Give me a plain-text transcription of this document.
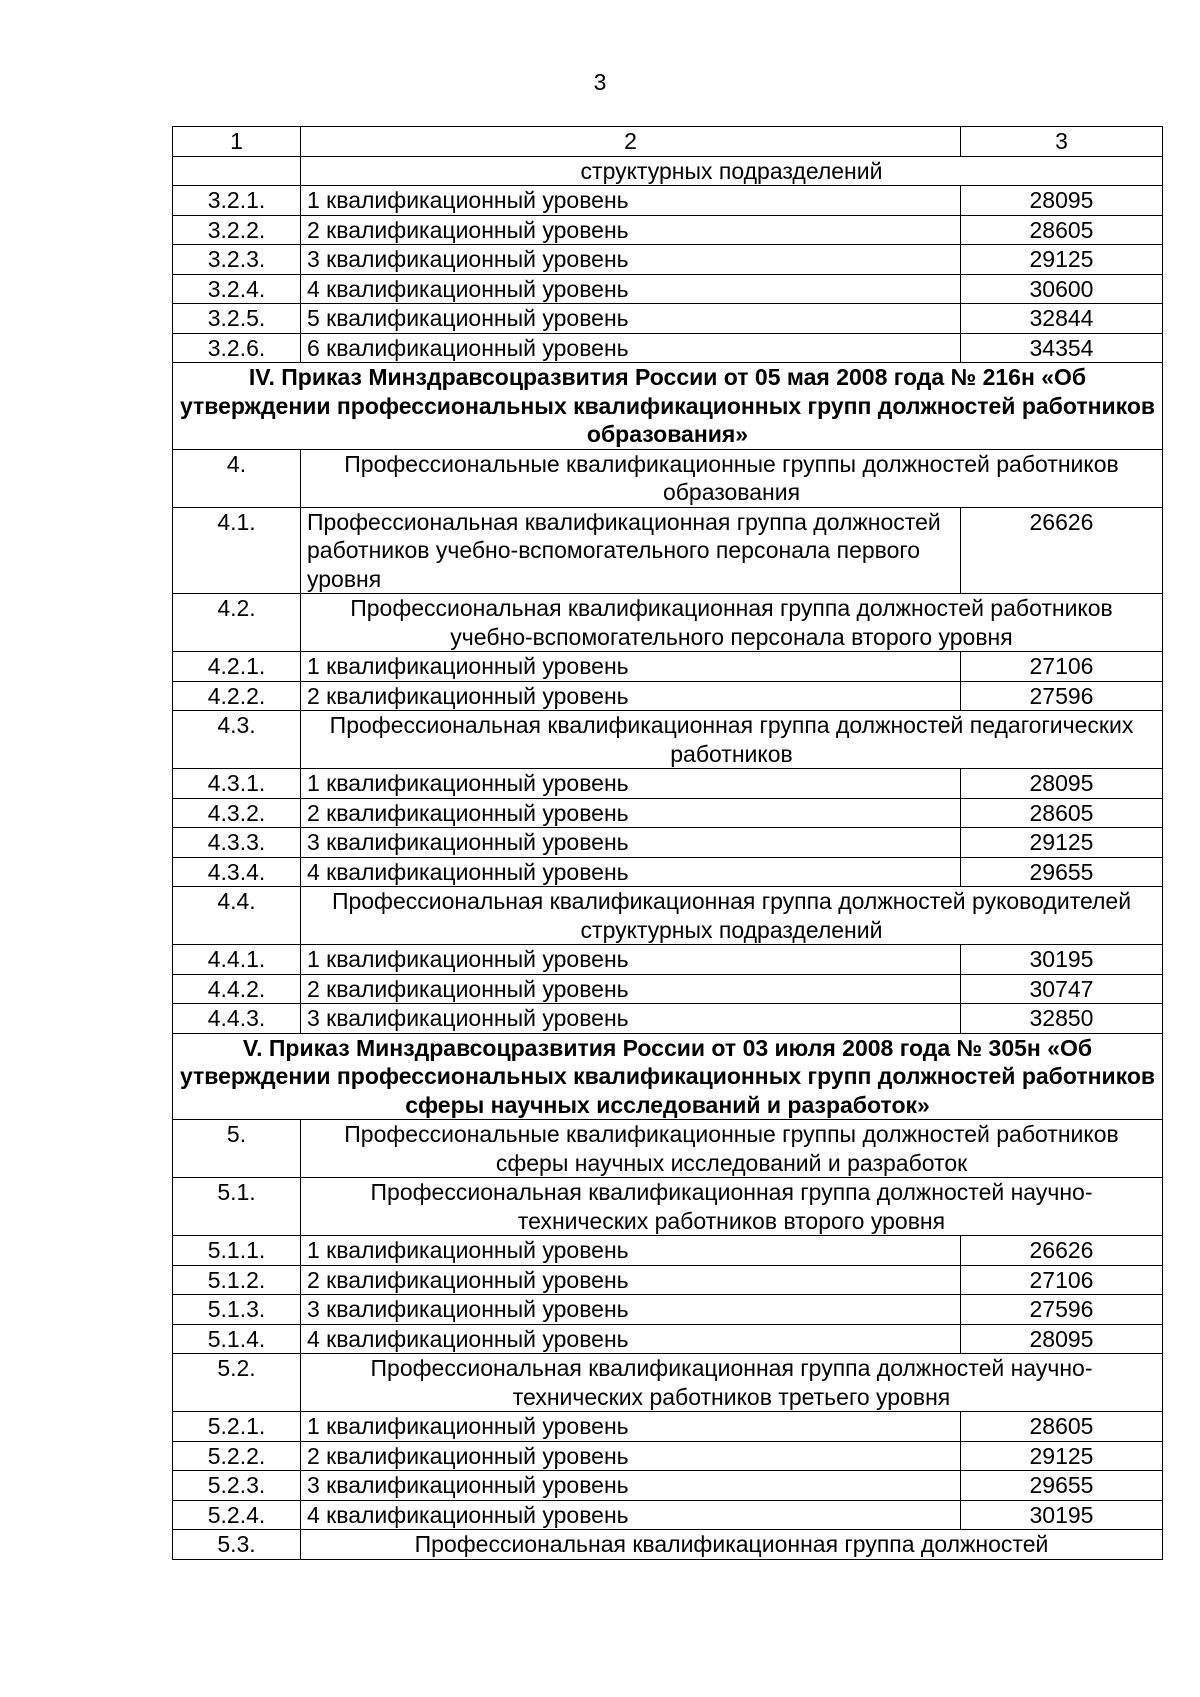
3
1	2	3
	структурных подразделений	
3.2.1.	1 квалификационный уровень	28095
3.2.2.	2 квалификационный уровень	28605
3.2.3.	3 квалификационный уровень	29125
3.2.4.	4 квалификационный уровень	30600
3.2.5.	5 квалификационный уровень	32844
3.2.6.	6 квалификационный уровень	34354
IV. Приказ Минздравсоцразвития России от 05 мая 2008 года № 216н «Об утверждении профессиональных квалификационных групп должностей работников образования»		
4.	Профессиональные квалификационные группы должностей работников образования	
4.1.	Профессиональная квалификационная группа должностей работников учебно-вспомогательного персонала первого уровня	26626
4.2.	Профессиональная квалификационная группа должностей работников учебно-вспомогательного персонала второго уровня	
4.2.1.	1 квалификационный уровень	27106
4.2.2.	2 квалификационный уровень	27596
4.3.	Профессиональная квалификационная группа должностей педагогических работников	
4.3.1.	1 квалификационный уровень	28095
4.3.2.	2 квалификационный уровень	28605
4.3.3.	3 квалификационный уровень	29125
4.3.4.	4 квалификационный уровень	29655
4.4.	Профессиональная квалификационная группа должностей руководителей структурных подразделений	
4.4.1.	1 квалификационный уровень	30195
4.4.2.	2 квалификационный уровень	30747
4.4.3.	3 квалификационный уровень	32850
V. Приказ Минздравсоцразвития России от 03 июля 2008 года № 305н «Об утверждении профессиональных квалификационных групп должностей работников сферы научных исследований и разработок»		
5.	Профессиональные квалификационные группы должностей работников сферы научных исследований и разработок	
5.1.	Профессиональная квалификационная группа должностей научно-технических работников второго уровня	
5.1.1.	1 квалификационный уровень	26626
5.1.2.	2 квалификационный уровень	27106
5.1.3.	3 квалификационный уровень	27596
5.1.4.	4 квалификационный уровень	28095
5.2.	Профессиональная квалификационная группа должностей научно-технических работников третьего уровня	
5.2.1.	1 квалификационный уровень	28605
5.2.2.	2 квалификационный уровень	29125
5.2.3.	3 квалификационный уровень	29655
5.2.4.	4 квалификационный уровень	30195
5.3.	Профессиональная квалификационная группа должностей	
